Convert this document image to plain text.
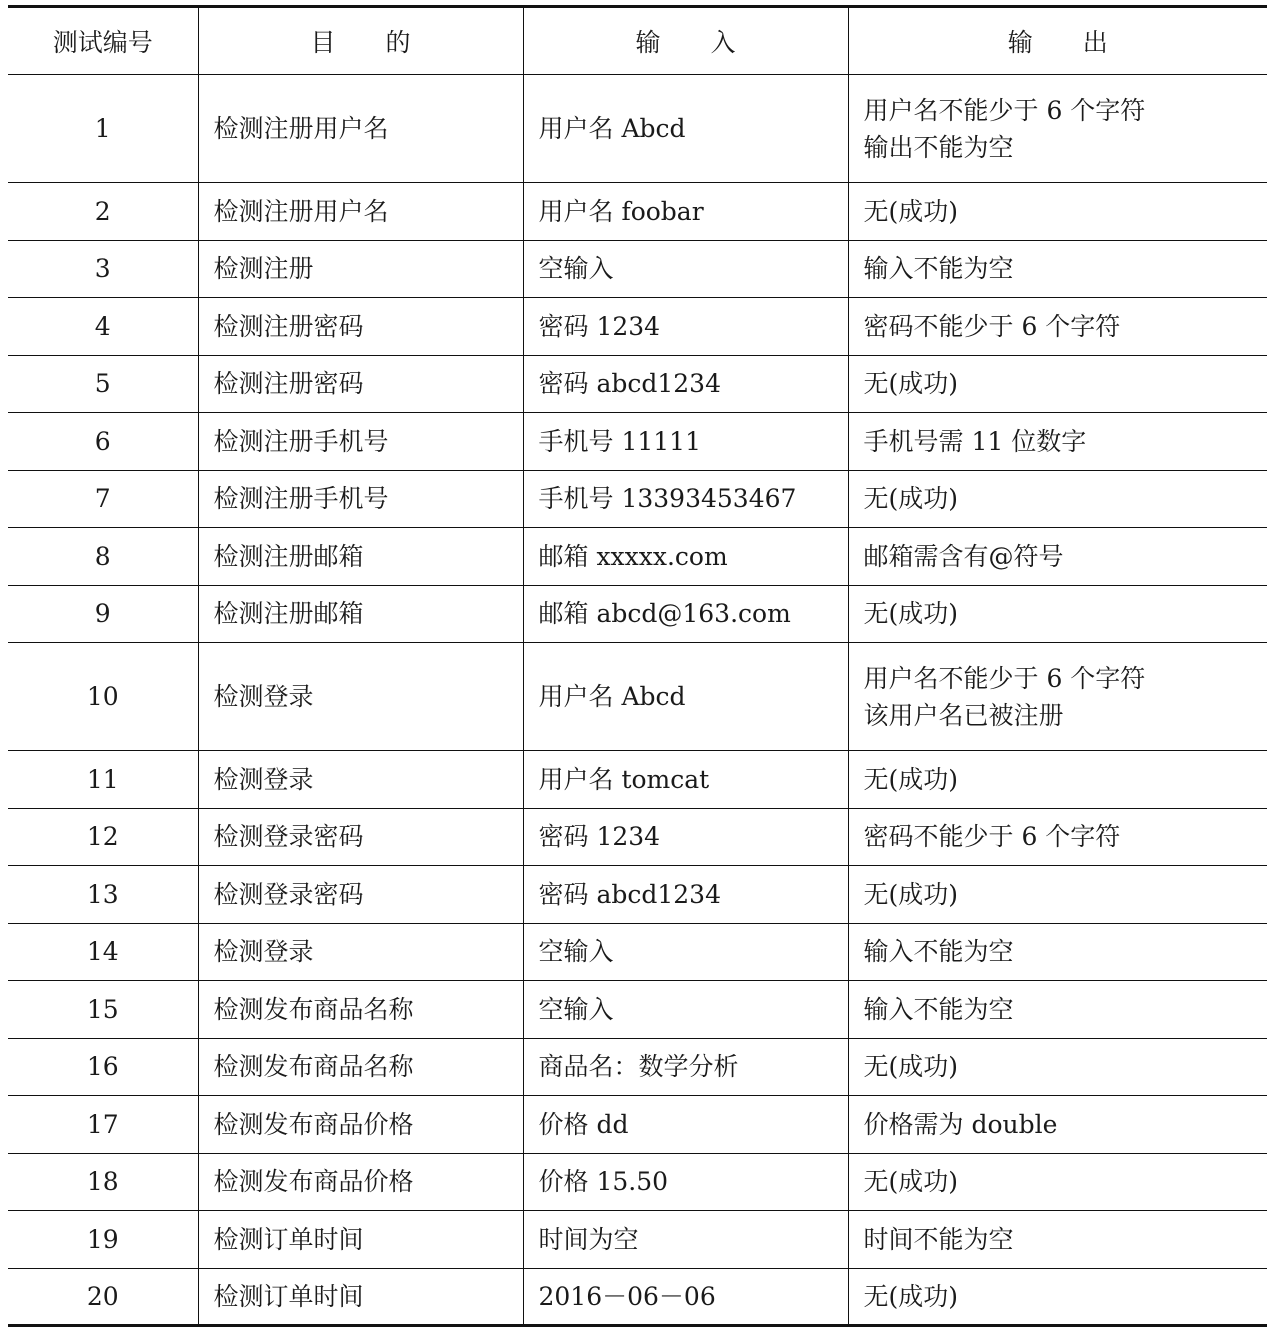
测试编号	目　　的	输　　入	输　　出
1	检测注册用户名	用户名 Abcd	用户名不能少于 6 个字符
输出不能为空

2	检测注册用户名	用户名 foobar	无(成功)

3	检测注册	空输入	输入不能为空

4	检测注册密码	密码 1234	密码不能少于 6 个字符

5	检测注册密码	密码 abcd1234	无(成功)

6	检测注册手机号	手机号 11111	手机号需 11 位数字

7	检测注册手机号	手机号 13393453467	无(成功)

8	检测注册邮箱	邮箱 xxxxx.com	邮箱需含有@符号

9	检测注册邮箱	邮箱 abcd@163.com	无(成功)

10	检测登录	用户名 Abcd	用户名不能少于 6 个字符
该用户名已被注册

11	检测登录	用户名 tomcat	无(成功)

12	检测登录密码	密码 1234	密码不能少于 6 个字符

13	检测登录密码	密码 abcd1234	无(成功)

14	检测登录	空输入	输入不能为空

15	检测发布商品名称	空输入	输入不能为空

16	检测发布商品名称	商品名：数学分析	无(成功)

17	检测发布商品价格	价格 dd	价格需为 double

18	检测发布商品价格	价格 15.50	无(成功)

19	检测订单时间	时间为空	时间不能为空

20	检测订单时间	2016－06－06	无(成功)
